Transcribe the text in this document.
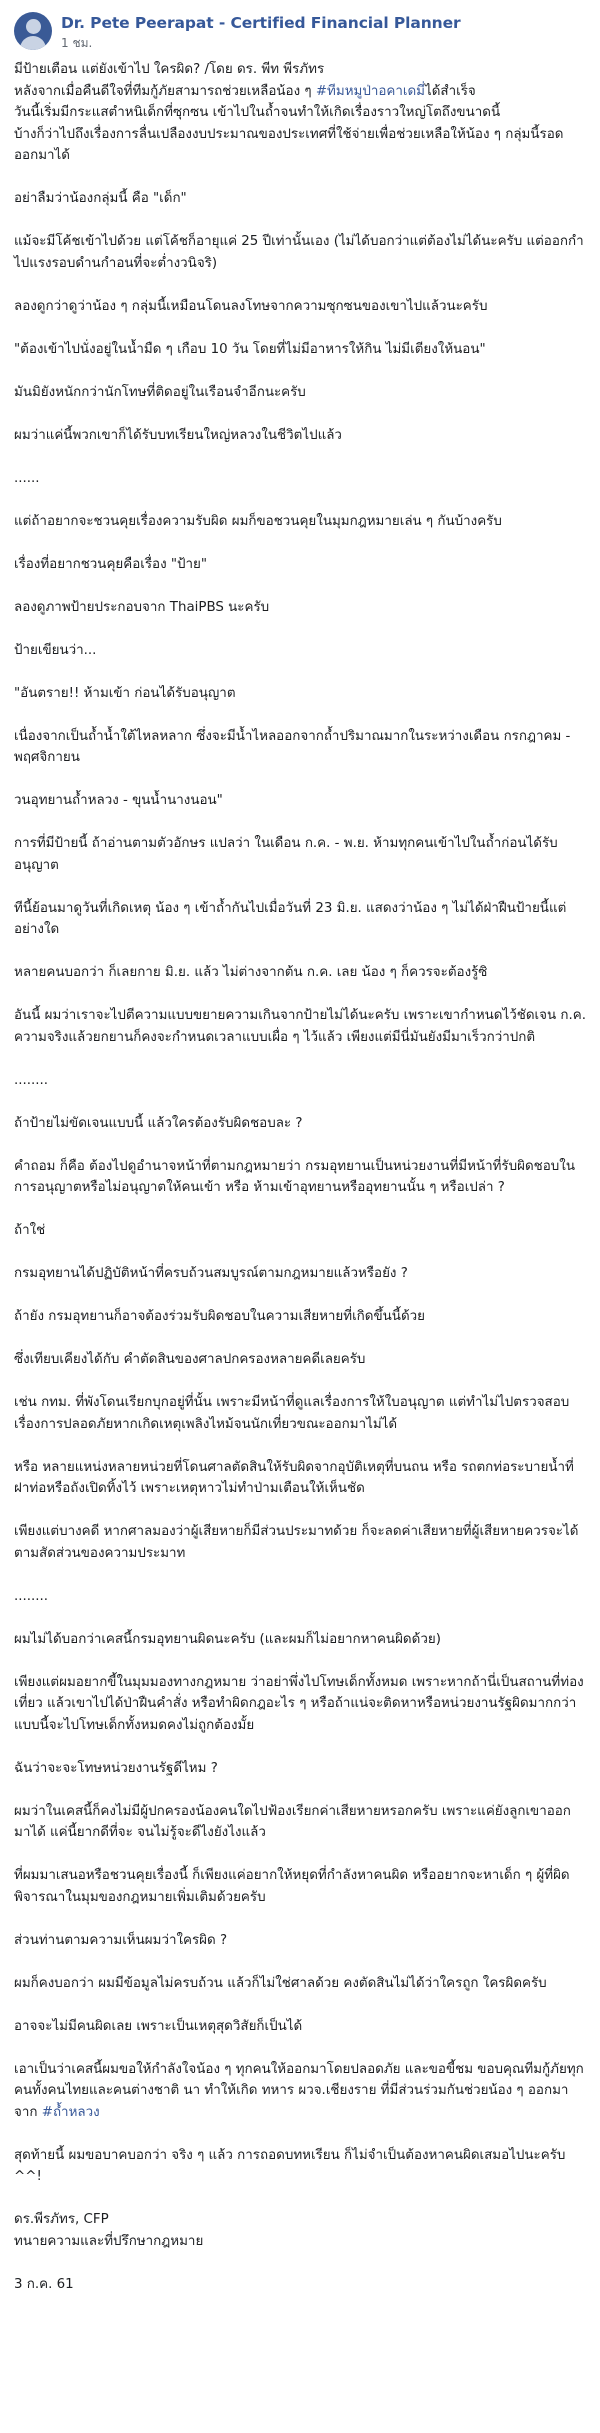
Dr. Pete Peerapat - Certified Financial Planner
1 ชม.

มีป้ายเตือน แต่ยังเข้าไป ใครผิด? /โดย ดร. พีท พีรภัทร

หลังจากเมื่อคืนดีใจที่ทีมกู้ภัยสามารถช่วยเหลือน้อง ๆ #ทีมหมูป่าอคาเดมี่ได้สำเร็จ

วันนี้เริ่มมีกระแสตำหนิเด็กที่ซุกซน เข้าไปในถ้ำจนทำให้เกิดเรื่องราวใหญ่โตถึงขนาดนี้

บ้างก็ว่าไปถึงเรื่องการลื่นเปลืองงบประมาณของประเทศที่ใช้จ่ายเพื่อช่วยเหลือให้น้อง ๆ กลุ่มนี้รอดออกมาได้

อย่าลืมว่าน้องกลุ่มนี้ คือ "เด็ก"

แม้จะมีโค้ชเข้าไปด้วย แต่โค้ชก็อายุแค่ 25 ปีเท่านั้นเอง (ไม่ได้บอกว่าแต่ต้องไม่ได้นะครับ แต่ออกกำไปแรงรอบดำนกำอนที่จะต่ำงวนิจริ)

ลองดูกว่าดูว่าน้อง ๆ กลุ่มนี้เหมือนโดนลงโทษจากความซุกซนของเขาไปแล้วนะครับ

"ต้องเข้าไปนั่งอยู่ในน้ำมืด ๆ เกือบ 10 วัน โดยที่ไม่มีอาหารให้กิน ไม่มีเตียงให้นอน"

มันมิยังหนักกว่านักโทษที่ติดอยู่ในเรือนจำอีกนะครับ

ผมว่าแค่นี้พวกเขาก็ได้รับบทเรียนใหญ่หลวงในชีวิตไปแล้ว

......

แต่ถ้าอยากจะชวนคุยเรื่องความรับผิด ผมก็ขอชวนคุยในมุมกฎหมายเล่น ๆ กันบ้างครับ

เรื่องที่อยากชวนคุยคือเรื่อง "ป้าย"

ลองดูภาพป้ายประกอบจาก ThaiPBS นะครับ

ป้ายเขียนว่า...

"อันตราย!! ห้ามเข้า ก่อนได้รับอนุญาต

เนื่องจากเป็นถ้ำน้ำใต้ไหลหลาก ซึ่งจะมีน้ำไหลออกจากถ้ำปริมาณมากในระหว่างเดือน กรกฎาคม - พฤศจิกายน

วนอุทยานถ้ำหลวง - ขุนน้ำนางนอน"

การที่มีป้ายนี้ ถ้าอ่านตามตัวอักษร แปลว่า ในเดือน ก.ค. - พ.ย. ห้ามทุกคนเข้าไปในถ้ำก่อนได้รับอนุญาต

ทีนี้ย้อนมาดูวันที่เกิดเหตุ น้อง ๆ เข้าถ้ำกันไปเมื่อวันที่ 23 มิ.ย. แสดงว่าน้อง ๆ ไม่ได้ฝ่าฝืนป้ายนี้แต่อย่างใด

หลายคนบอกว่า ก็เลยกาย มิ.ย. แล้ว ไม่ต่างจากต้น ก.ค. เลย น้อง ๆ ก็ควรจะต้องรู้ซิ

อันนี้ ผมว่าเราจะไปตีความแบบขยายความเกินจากป้ายไม่ได้นะครับ เพราะเขากำหนดไว้ชัดเจน ก.ค. ความจริงแล้วยกยานก็คงจะกำหนดเวลาแบบเผื่อ ๆ ไว้แล้ว เพียงแต่มีนี่มันยังมีมาเร็วกว่าปกติ

........

ถ้าป้ายไม่ขัดเจนแบบนี้ แล้วใครต้องรับผิดชอบละ ?

คำถอม ก็คือ ต้องไปดูอำนาจหน้าที่ตามกฎหมายว่า กรมอุทยานเป็นหน่วยงานที่มีหน้าที่รับผิดชอบในการอนุญาตหรือไม่อนุญาตให้คนเข้า หรือ ห้ามเข้าอุทยานหรืออุทยานนั้น ๆ หรือเปล่า ?

ถ้าใช่

กรมอุทยานได้ปฏิบัติหน้าที่ครบถ้วนสมบูรณ์ตามกฎหมายแล้วหรือยัง ?

ถ้ายัง กรมอุทยานก็อาจต้องร่วมรับผิดชอบในความเสียหายที่เกิดขึ้นนี้ด้วย

ซึ่งเทียบเคียงได้กับ คำตัดสินของศาลปกครองหลายคดีเลยครับ

เช่น กทม. ที่พังโดนเรียกบุกอยู่ที่นั้น เพราะมีหน้าที่ดูแลเรื่องการให้ใบอนุญาต แต่ทำไม่ไปตรวจสอบเรื่องการปลอดภัยหากเกิดเหตุเพลิงไหม้จนนักเที่ยวขณะออกมาไม่ได้

หรือ หลายแหน่งหลายหน่วยที่โดนศาลตัดสินให้รับผิดจากอุบัติเหตุที่บนถน หรือ รถตกท่อระบายน้ำที่ฝาท่อหรือถังเปิดทิ้งไว้ เพราะเหตุหาวไม่ทำป่ามเตือนให้เห็นชัด

เพียงแต่บางคดี หากศาลมองว่าผู้เสียหายก็มีส่วนประมาทด้วย ก็จะลดค่าเสียหายที่ผู้เสียหายควรจะได้ตามสัดส่วนของความประมาท

........

ผมไม่ได้บอกว่าเคสนี้กรมอุทยานผิดนะครับ (และผมก็ไม่อยากหาคนผิดด้วย)

เพียงแต่ผมอยากขี้ในมุมมองทางกฎหมาย ว่าอย่าพึ่งไปโทษเด็กทั้งหมด เพราะหากถ้านี่เป็นสถานที่ท่องเที่ยว แล้วเขาไปได้ป่าฝืนคำสั่ง หรือทำผิดกฎอะไร ๆ หรือถ้าแน่จะติดหาหรือหน่วยงานรัฐผิดมากกว่าแบบนี้จะไปโทษเด็กทั้งหมดคงไม่ถูกต้องมั้ย

ฉันว่าจะจะโทษหน่วยงานรัฐดีไหม ?

ผมว่าในเคสนี้ก็คงไม่มีผู้ปกครองน้องคนใดไปฟ้องเรียกค่าเสียหายหรอกครับ เพราะแค่ยังลูกเขาออกมาได้ แค่นี้ยากดีที่จะ จนไม่รู้จะดีไงยังไงแล้ว

ที่ผมมาเสนอหรือชวนคุยเรื่องนี้ ก็เพียงแค่อยากให้หยุดที่กำลังหาคนผิด หรืออยากจะหาเด็ก ๆ ผู้ที่ผิด พิจารณาในมุมของกฎหมายเพิ่มเติมด้วยครับ

ส่วนท่านตามความเห็นผมว่าใครผิด ?

ผมก็คงบอกว่า ผมมีข้อมูลไม่ครบถ้วน แล้วก็ไม่ใช่ศาลด้วย คงตัดสินไม่ได้ว่าใครถูก ใครผิดครับ

อาจจะไม่มีคนผิดเลย เพราะเป็นเหตุสุดวิสัยก็เป็นได้

เอาเป็นว่าเคสนี้ผมขอให้กำลังใจน้อง ๆ ทุกคนให้ออกมาโดยปลอดภัย และขอขี้ชม ขอบคุณทีมกู้ภัยทุกคนทั้งคนไทยและคนต่างชาติ นา ทำให้เกิด ทหาร ผวจ.เชียงราย ที่มีส่วนร่วมกันช่วยน้อง ๆ ออกมาจาก #ถ้ำหลวง

สุดท้ายนี้ ผมขอบาคบอกว่า จริง ๆ แล้ว การถอดบทหเรียน ก็ไม่จำเป็นต้องหาคนผิดเสมอไปนะครับ ^^!

ดร.พีรภัทร, CFP

ทนายความและที่ปรึกษากฎหมาย

3 ก.ค. 61
